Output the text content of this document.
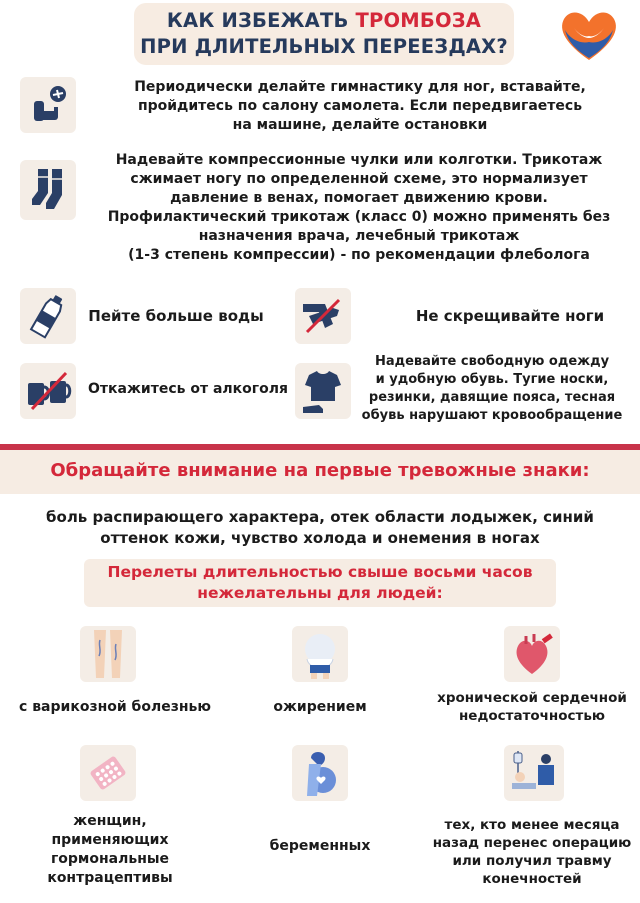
КАК ИЗБЕЖАТЬ ТРОМБОЗА
ПРИ ДЛИТЕЛЬНЫХ ПЕРЕЕЗДАХ?
Периодически делайте гимнастику для ног, вставайте,
пройдитесь по салону самолета. Если передвигаетесь
на машине, делайте остановки
Надевайте компрессионные чулки или колготки. Трикотаж
сжимает ногу по определенной схеме, это нормализует
давление в венах, помогает движению крови.
Профилактический трикотаж (класс 0) можно применять без
назначения врача, лечебный трикотаж
(1-3 степень компрессии) - по рекомендации флеболога
Пейте больше воды	Не скрещивайте ноги
Откажитесь от алкоголя
Надевайте свободную одежду
и удобную обувь. Тугие носки,
резинки, давящие пояса, тесная
обувь нарушают кровообращение
Обращайте внимание на первые тревожные знаки:
боль распирающего характера, отек области лодыжек, синий
оттенок кожи, чувство холода и онемения в ногах
Перелеты длительностью свыше восьми часов
нежелательны для людей:
с варикозной болезнью	ожирением
хронической сердечной
недостаточностью
женщин,
применяющих
гормональные
контрацептивы
беременных
тех, кто менее месяца
назад перенес операцию
или получил травму
конечностей
